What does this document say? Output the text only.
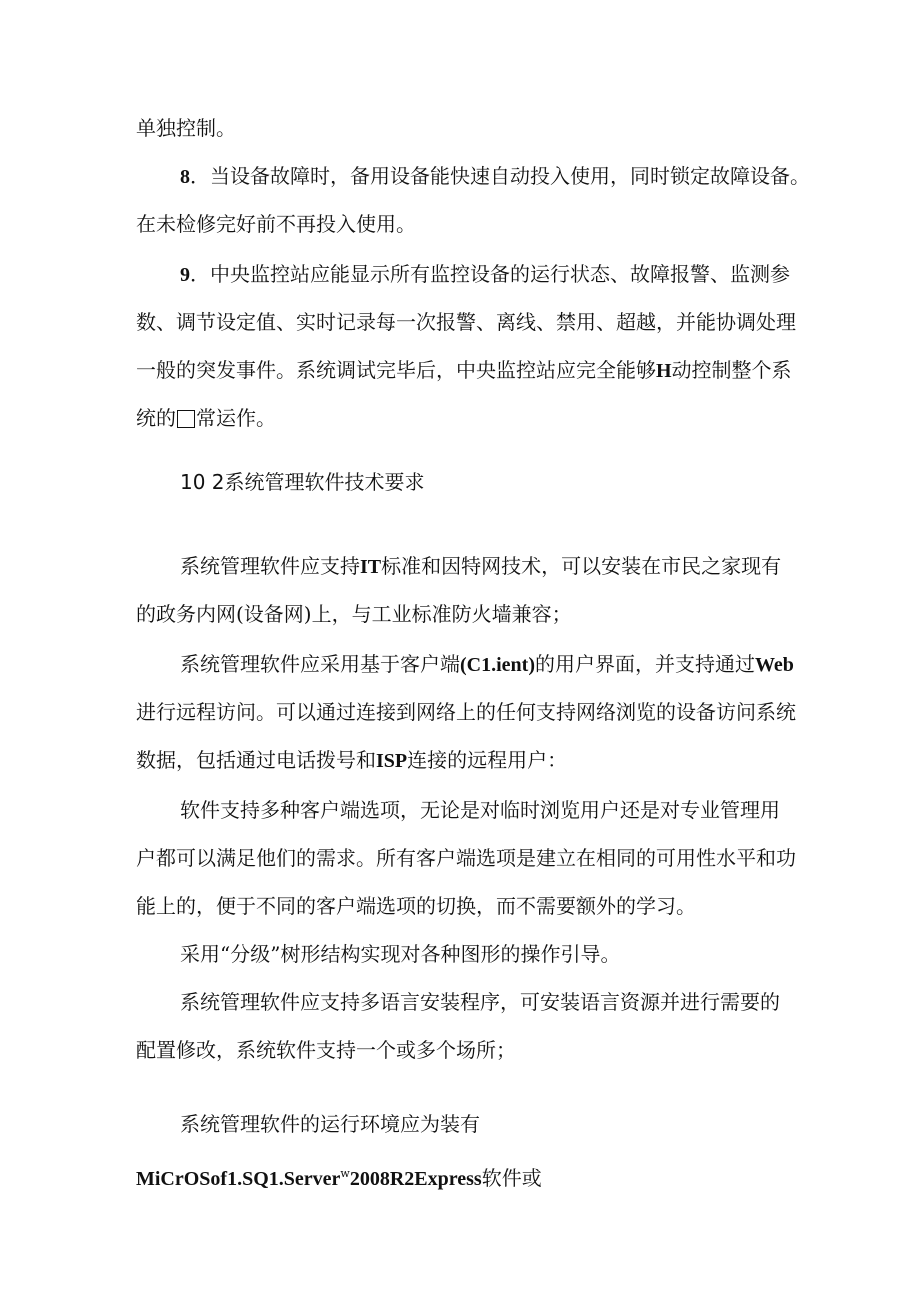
单独控制。
8．当设备故障时，备用设备能快速自动投入使用，同时锁定故障设备。
在未检修完好前不再投入使用。
9．中央监控站应能显示所有监控设备的运行状态、故障报警、监测参
数、调节设定值、实时记录每一次报警、离线、禁用、超越，并能协调处理
一般的突发事件。系统调试完毕后，中央监控站应完全能够H动控制整个系
统的 常运作。
10 2系统管理软件技术要求
系统管理软件应支持IT标准和因特网技术，可以安装在市民之家现有
的政务内网(设备网)上，与工业标准防火墙兼容；
系统管理软件应采用基于客户端(C1.ient)的用户界面，并支持通过Web
进行远程访问。可以通过连接到网络上的任何支持网络浏览的设备访问系统
数据，包括通过电话拨号和ISP连接的远程用户：
软件支持多种客户端选项，无论是对临时浏览用户还是对专业管理用
户都可以满足他们的需求。所有客户端选项是建立在相同的可用性水平和功
能上的，便于不同的客户端选项的切换，而不需要额外的学习。
采用“分级”树形结构实现对各种图形的操作引导。
系统管理软件应支持多语言安装程序，可安装语言资源并进行需要的
配置修改，系统软件支持一个或多个场所；
系统管理软件的运行环境应为装有
MiCrOSof1.SQ1.Server$^w$2008R2Express软件或
